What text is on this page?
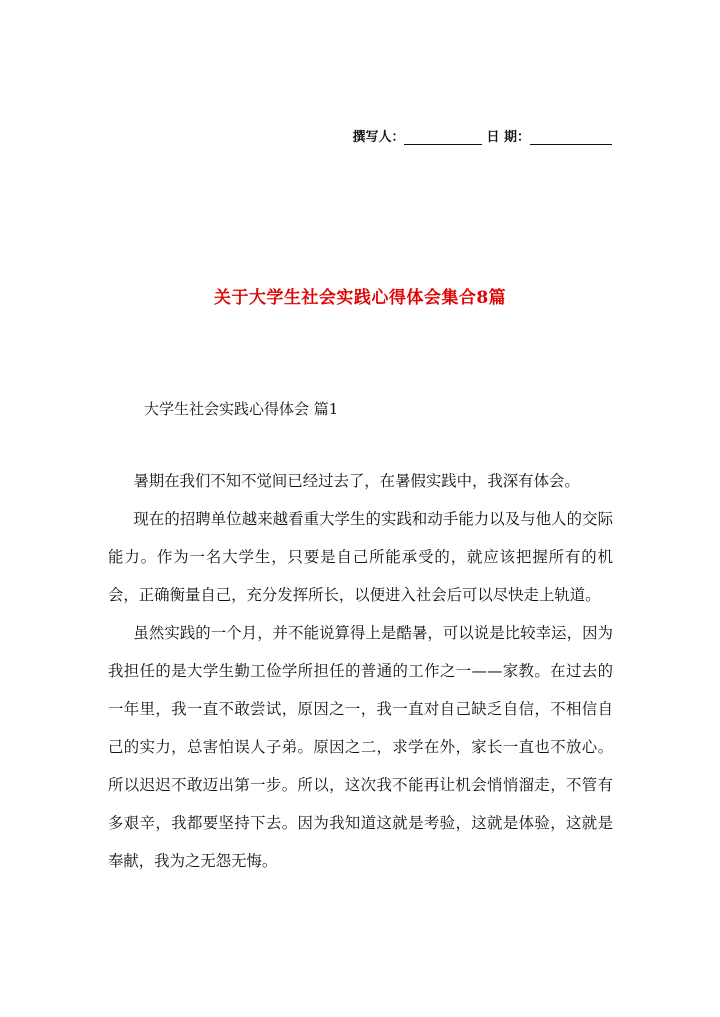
撰写人：	日 期：
关于大学生社会实践心得体会集合8篇
大学生社会实践心得体会 篇1

暑期在我们不知不觉间已经过去了，在暑假实践中，我深有体会。

现在的招聘单位越来越看重大学生的实践和动手能力以及与他人的交际能力。作为一名大学生，只要是自己所能承受的，就应该把握所有的机会，正确衡量自己，充分发挥所长，以便进入社会后可以尽快走上轨道。

虽然实践的一个月，并不能说算得上是酷暑，可以说是比较幸运，因为我担任的是大学生勤工俭学所担任的普通的工作之一——家教。在过去的一年里，我一直不敢尝试，原因之一，我一直对自己缺乏自信，不相信自己的实力，总害怕误人子弟。原因之二，求学在外，家长一直也不放心。所以迟迟不敢迈出第一步。所以，这次我不能再让机会悄悄溜走，不管有多艰辛，我都要坚持下去。因为我知道这就是考验，这就是体验，这就是奉献，我为之无怨无悔。
